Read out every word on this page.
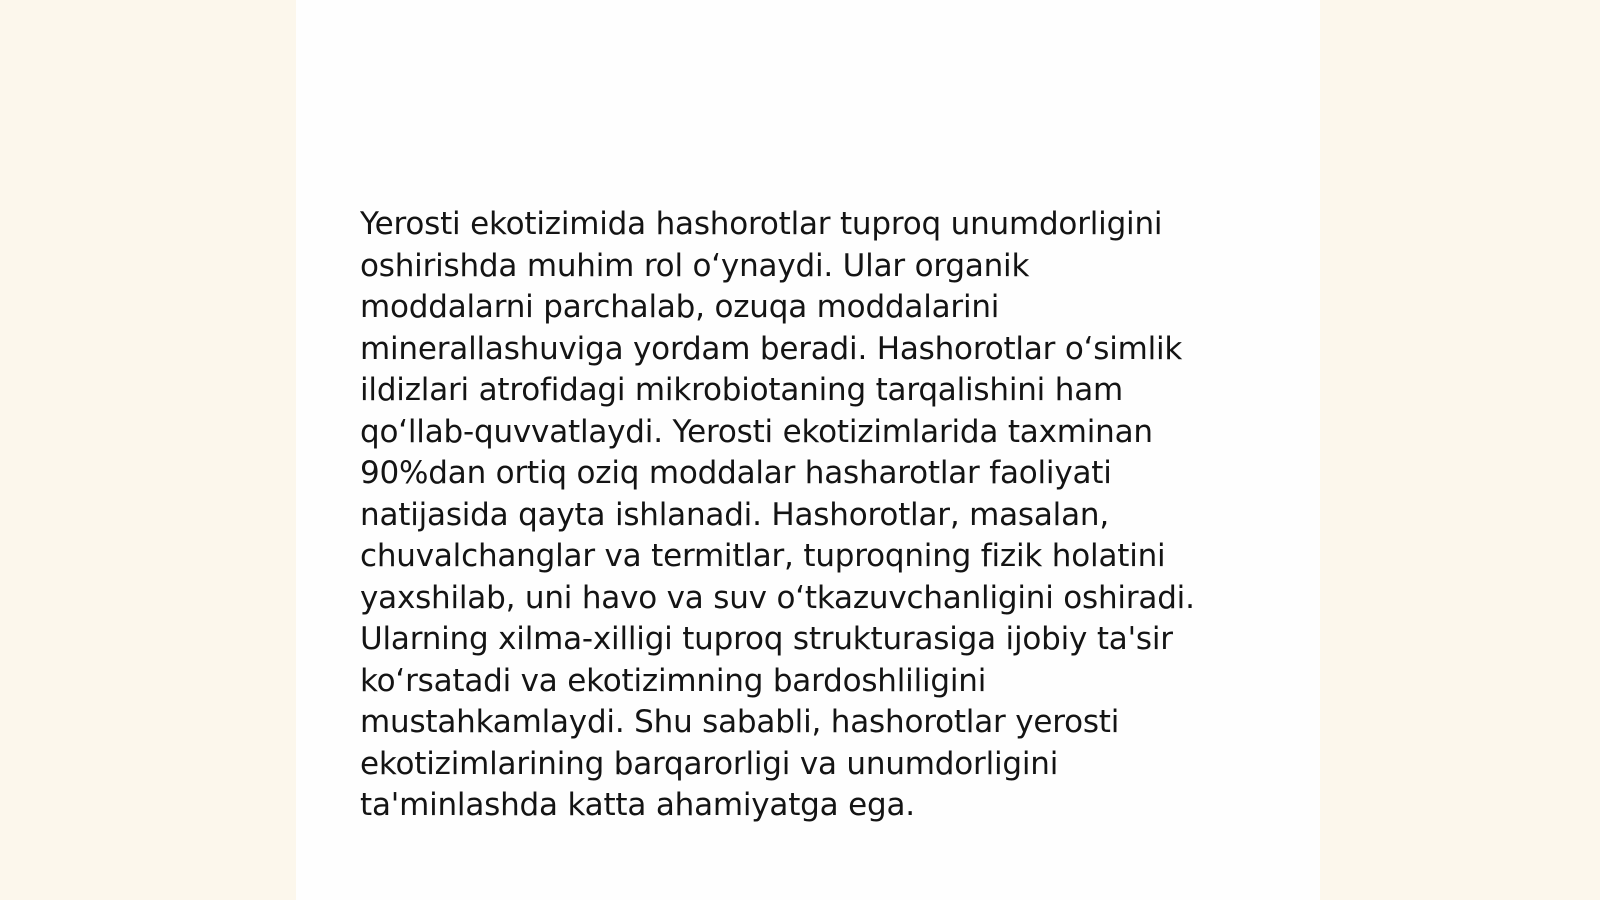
Yerosti ekotizimida hashorotlar tuproq unumdorligini
oshirishda muhim rol oʻynaydi. Ular organik
moddalarni parchalab, ozuqa moddalarini
minerallashuviga yordam beradi. Hashorotlar oʻsimlik
ildizlari atrofidagi mikrobiotaning tarqalishini ham
qoʻllab-quvvatlaydi. Yerosti ekotizimlarida taxminan
90%dan ortiq oziq moddalar hasharotlar faoliyati
natijasida qayta ishlanadi. Hashorotlar, masalan,
chuvalchanglar va termitlar, tuproqning fizik holatini
yaxshilab, uni havo va suv oʻtkazuvchanligini oshiradi.
Ularning xilma-xilligi tuproq strukturasiga ijobiy ta'sir
koʻrsatadi va ekotizimning bardoshliligini
mustahkamlaydi. Shu sababli, hashorotlar yerosti
ekotizimlarining barqarorligi va unumdorligini
ta'minlashda katta ahamiyatga ega.
